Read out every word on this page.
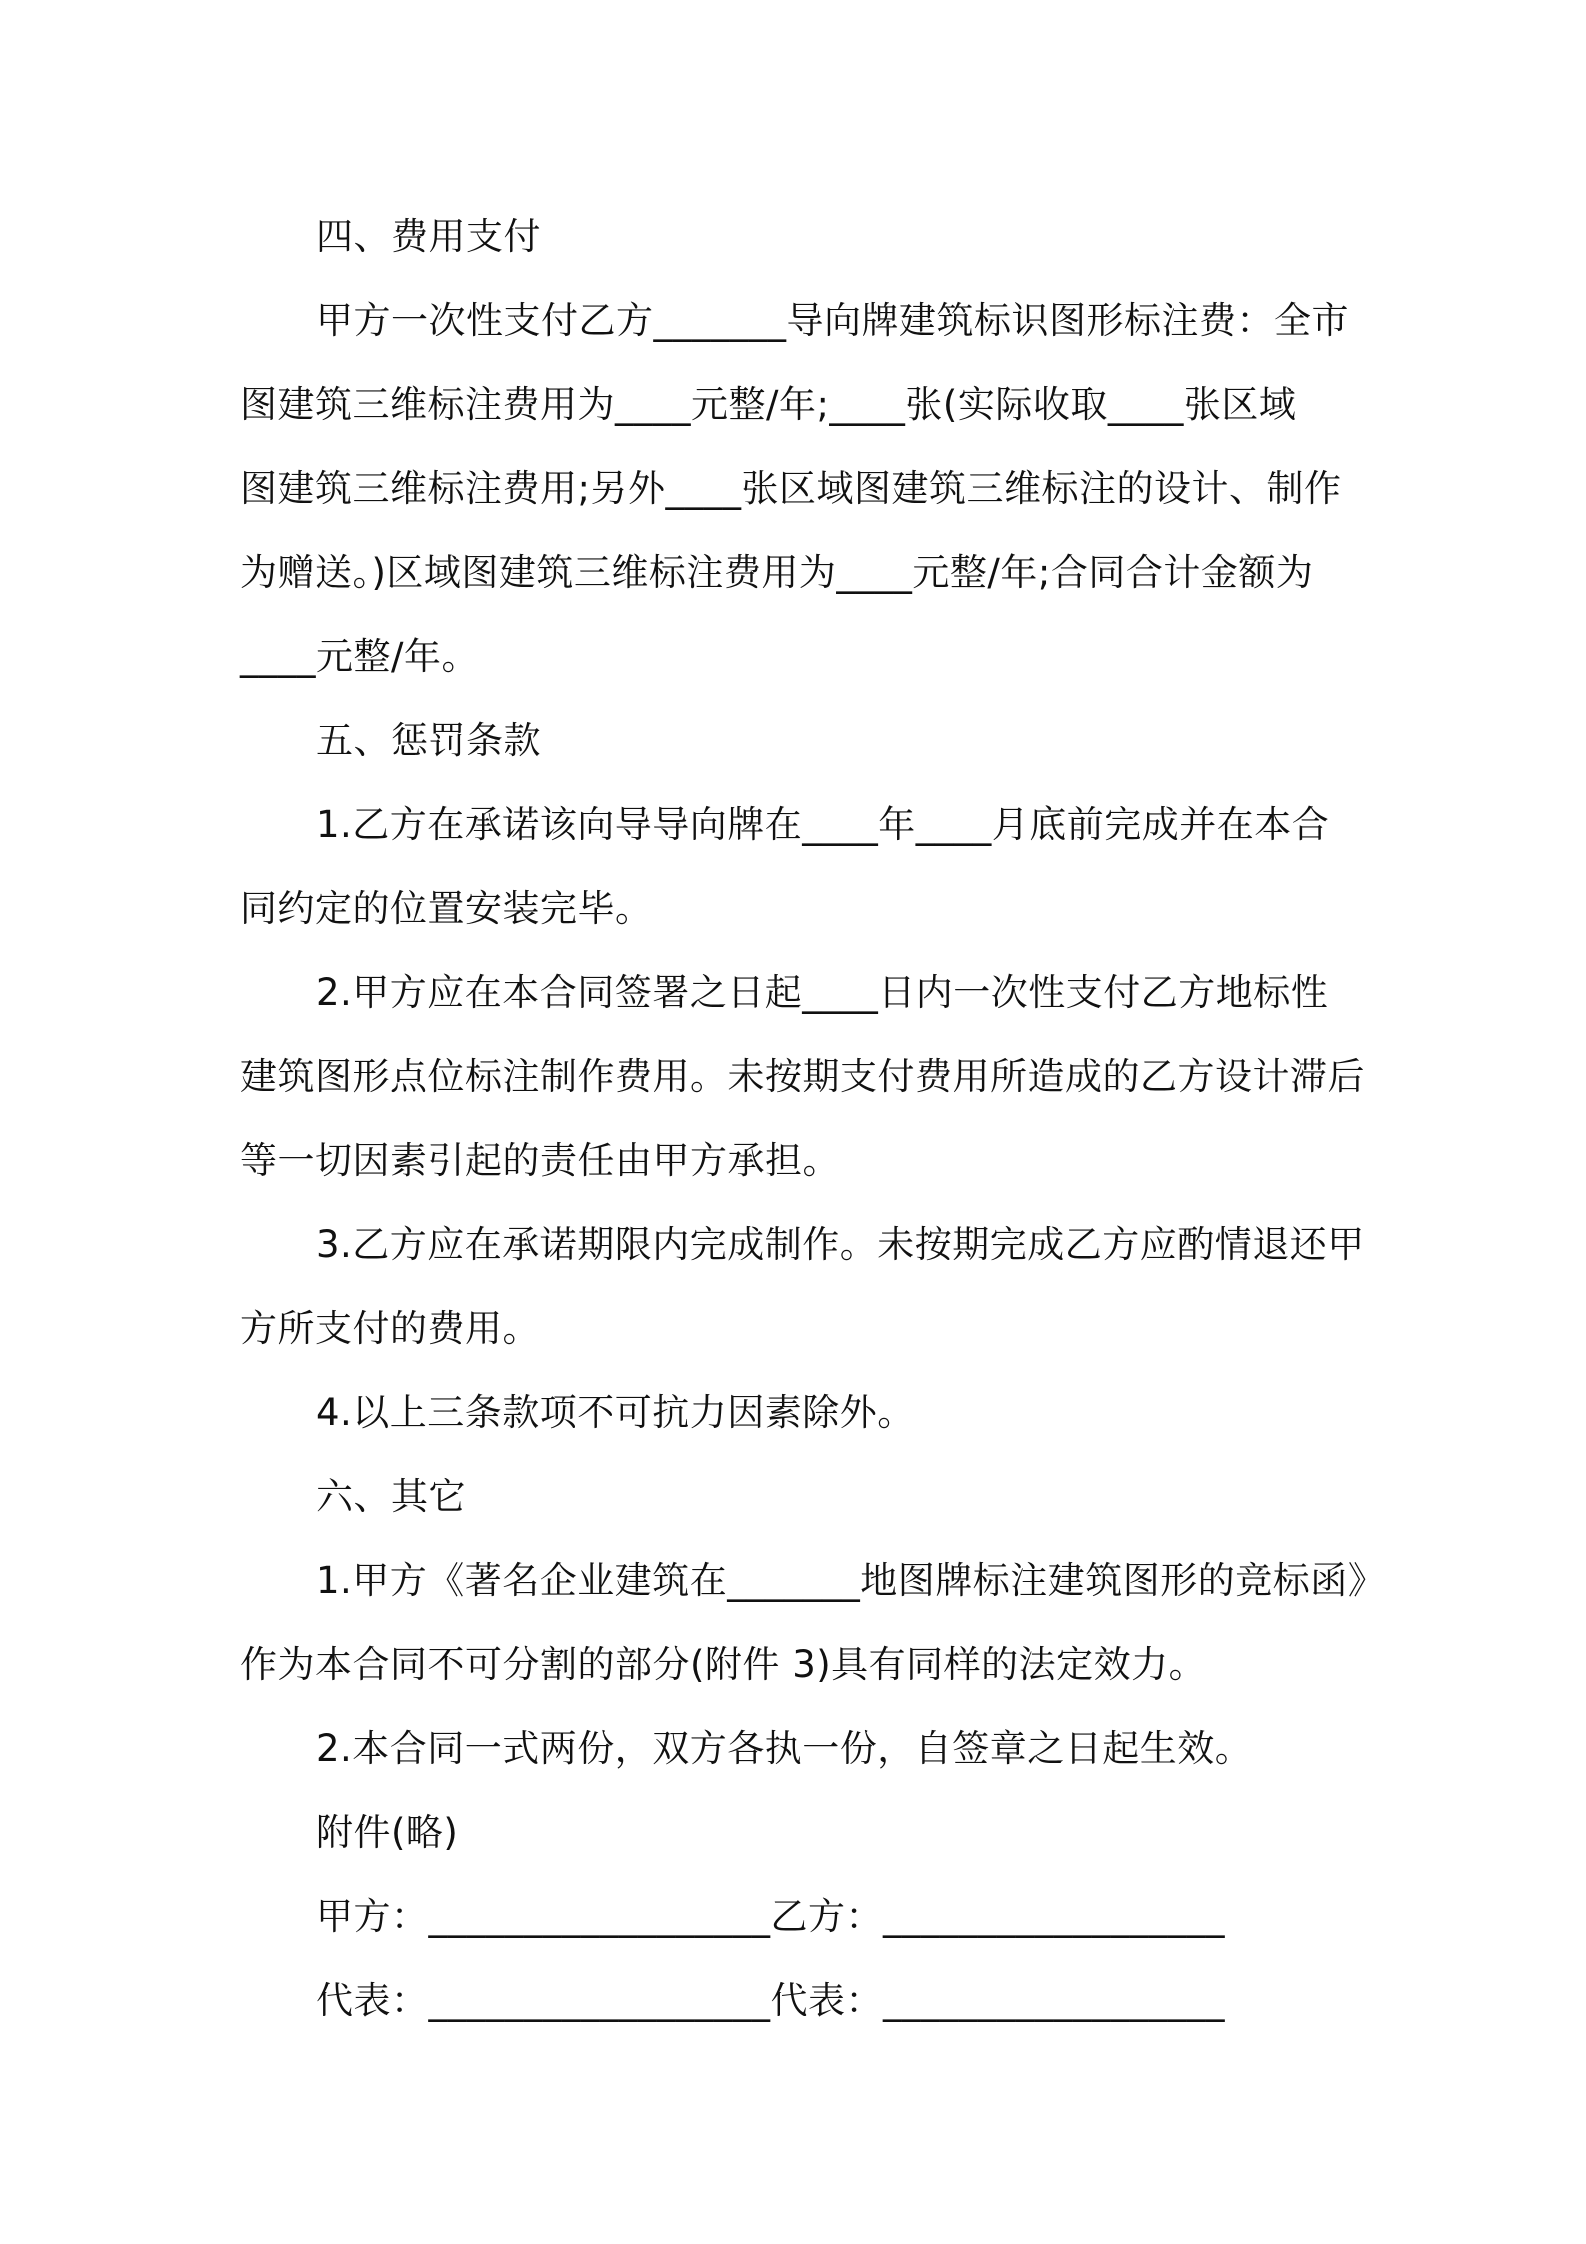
四、费用支付
甲方一次性支付乙方_______导向牌建筑标识图形标注费：全市
图建筑三维标注费用为____元整/年;____张(实际收取____张区域
图建筑三维标注费用;另外____张区域图建筑三维标注的设计、制作
为赠送。)区域图建筑三维标注费用为____元整/年;合同合计金额为
____元整/年。
五、惩罚条款
1.乙方在承诺该向导导向牌在____年____月底前完成并在本合
同约定的位置安装完毕。
2.甲方应在本合同签署之日起____日内一次性支付乙方地标性
建筑图形点位标注制作费用。未按期支付费用所造成的乙方设计滞后
等一切因素引起的责任由甲方承担。
3.乙方应在承诺期限内完成制作。未按期完成乙方应酌情退还甲
方所支付的费用。
4.以上三条款项不可抗力因素除外。
六、其它
1.甲方《著名企业建筑在_______地图牌标注建筑图形的竞标函》
作为本合同不可分割的部分(附件 3)具有同样的法定效力。
2.本合同一式两份，双方各执一份，自签章之日起生效。
附件(略)
甲方：__________________乙方：__________________
代表：__________________代表：__________________
